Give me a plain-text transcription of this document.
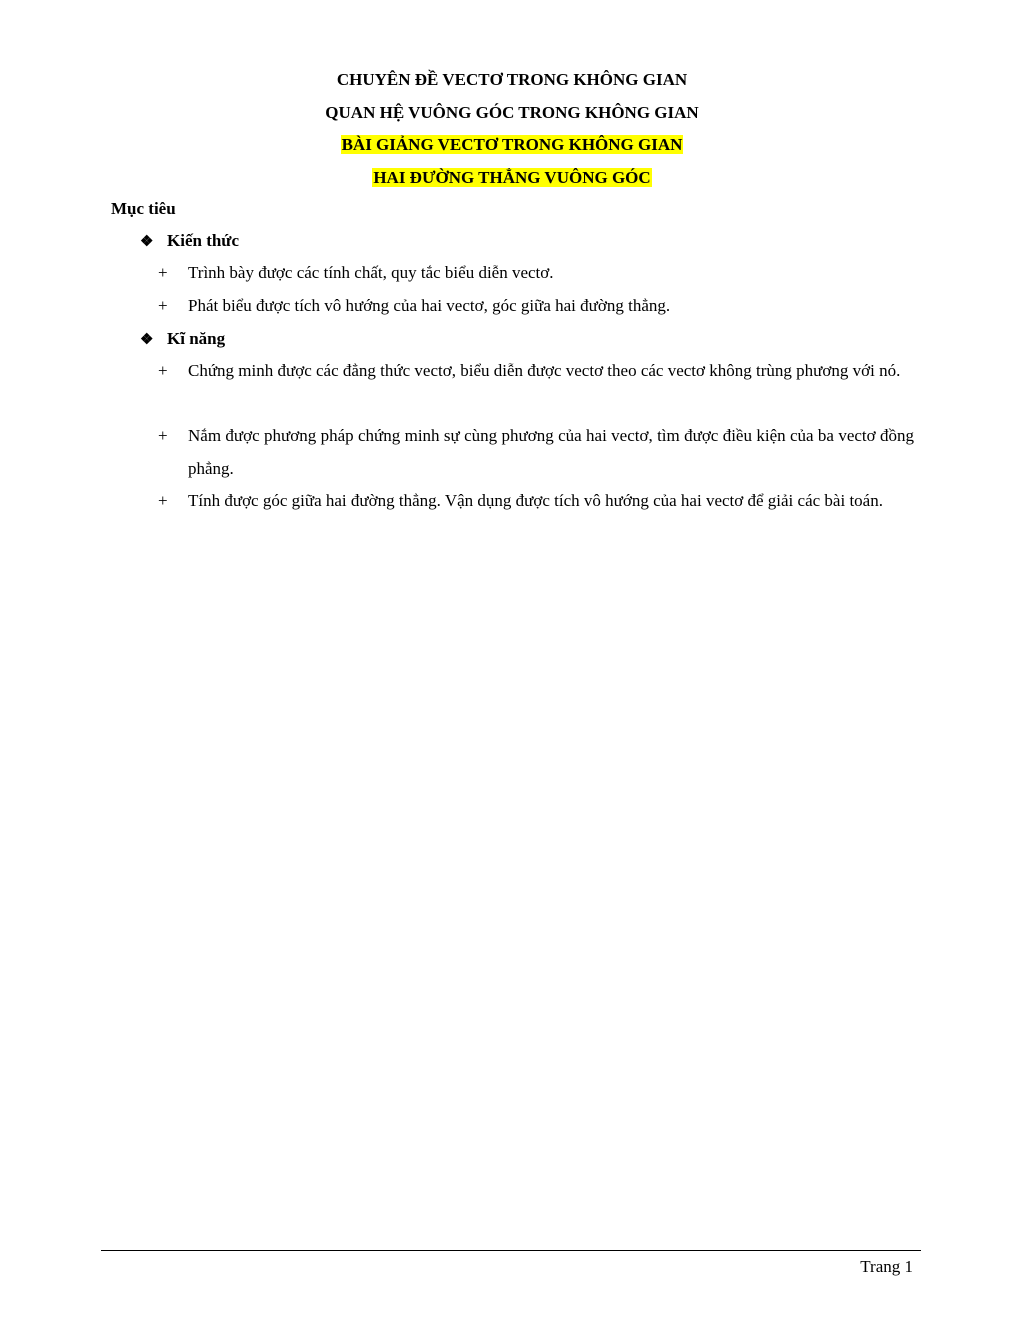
CHUYÊN ĐỀ VECTƠ TRONG KHÔNG GIAN
QUAN HỆ VUÔNG GÓC TRONG KHÔNG GIAN
BÀI GIẢNG VECTƠ TRONG KHÔNG GIAN
HAI ĐƯỜNG THẲNG VUÔNG GÓC
Mục tiêu
❖ Kiến thức
+	Trình bày được các tính chất, quy tắc biểu diễn vectơ.
+	Phát biểu được tích vô hướng của hai vectơ, góc giữa hai đường thẳng.
❖ Kĩ năng
+	Chứng minh được các đẳng thức vectơ, biểu diễn được vectơ theo các vectơ không trùng phương với nó.
+	Nắm được phương pháp chứng minh sự cùng phương của hai vectơ, tìm được điều kiện của ba vectơ đồng phẳng.
+	Tính được góc giữa hai đường thẳng. Vận dụng được tích vô hướng của hai vectơ để giải các bài toán.
Trang 1
